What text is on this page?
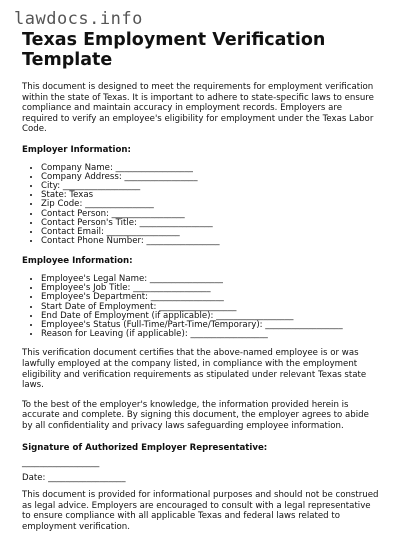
lawdocs.info
Texas Employment Verification Template

This document is designed to meet the requirements for employment verification within the state of Texas. It is important to adhere to state-specific laws to ensure compliance and maintain accuracy in employment records. Employers are required to verify an employee's eligibility for employment under the Texas Labor Code.

Employer Information:
• Company Name: __________________
• Company Address: _________________
• City: __________________
• State: Texas
• Zip Code: ________________
• Contact Person: _________________
• Contact Person's Title: _________________
• Contact Email: _________________
• Contact Phone Number: _________________
Employee Information:
• Employee's Legal Name: _________________
• Employee's Job Title: __________________
• Employee's Department: _________________
• Start Date of Employment: __________________
• End Date of Employment (if applicable): __________________
• Employee's Status (Full-Time/Part-Time/Temporary): __________________
• Reason for Leaving (if applicable): __________________

This verification document certifies that the above-named employee is or was lawfully employed at the company listed, in compliance with the employment eligibility and verification requirements as stipulated under relevant Texas state laws.

To the best of the employer's knowledge, the information provided herein is accurate and complete. By signing this document, the employer agrees to abide by all confidentiality and privacy laws safeguarding employee information.

Signature of Authorized Employer Representative:
__________________
Date: __________________

This document is provided for informational purposes and should not be construed as legal advice. Employers are encouraged to consult with a legal representative to ensure compliance with all applicable Texas and federal laws related to employment verification.
